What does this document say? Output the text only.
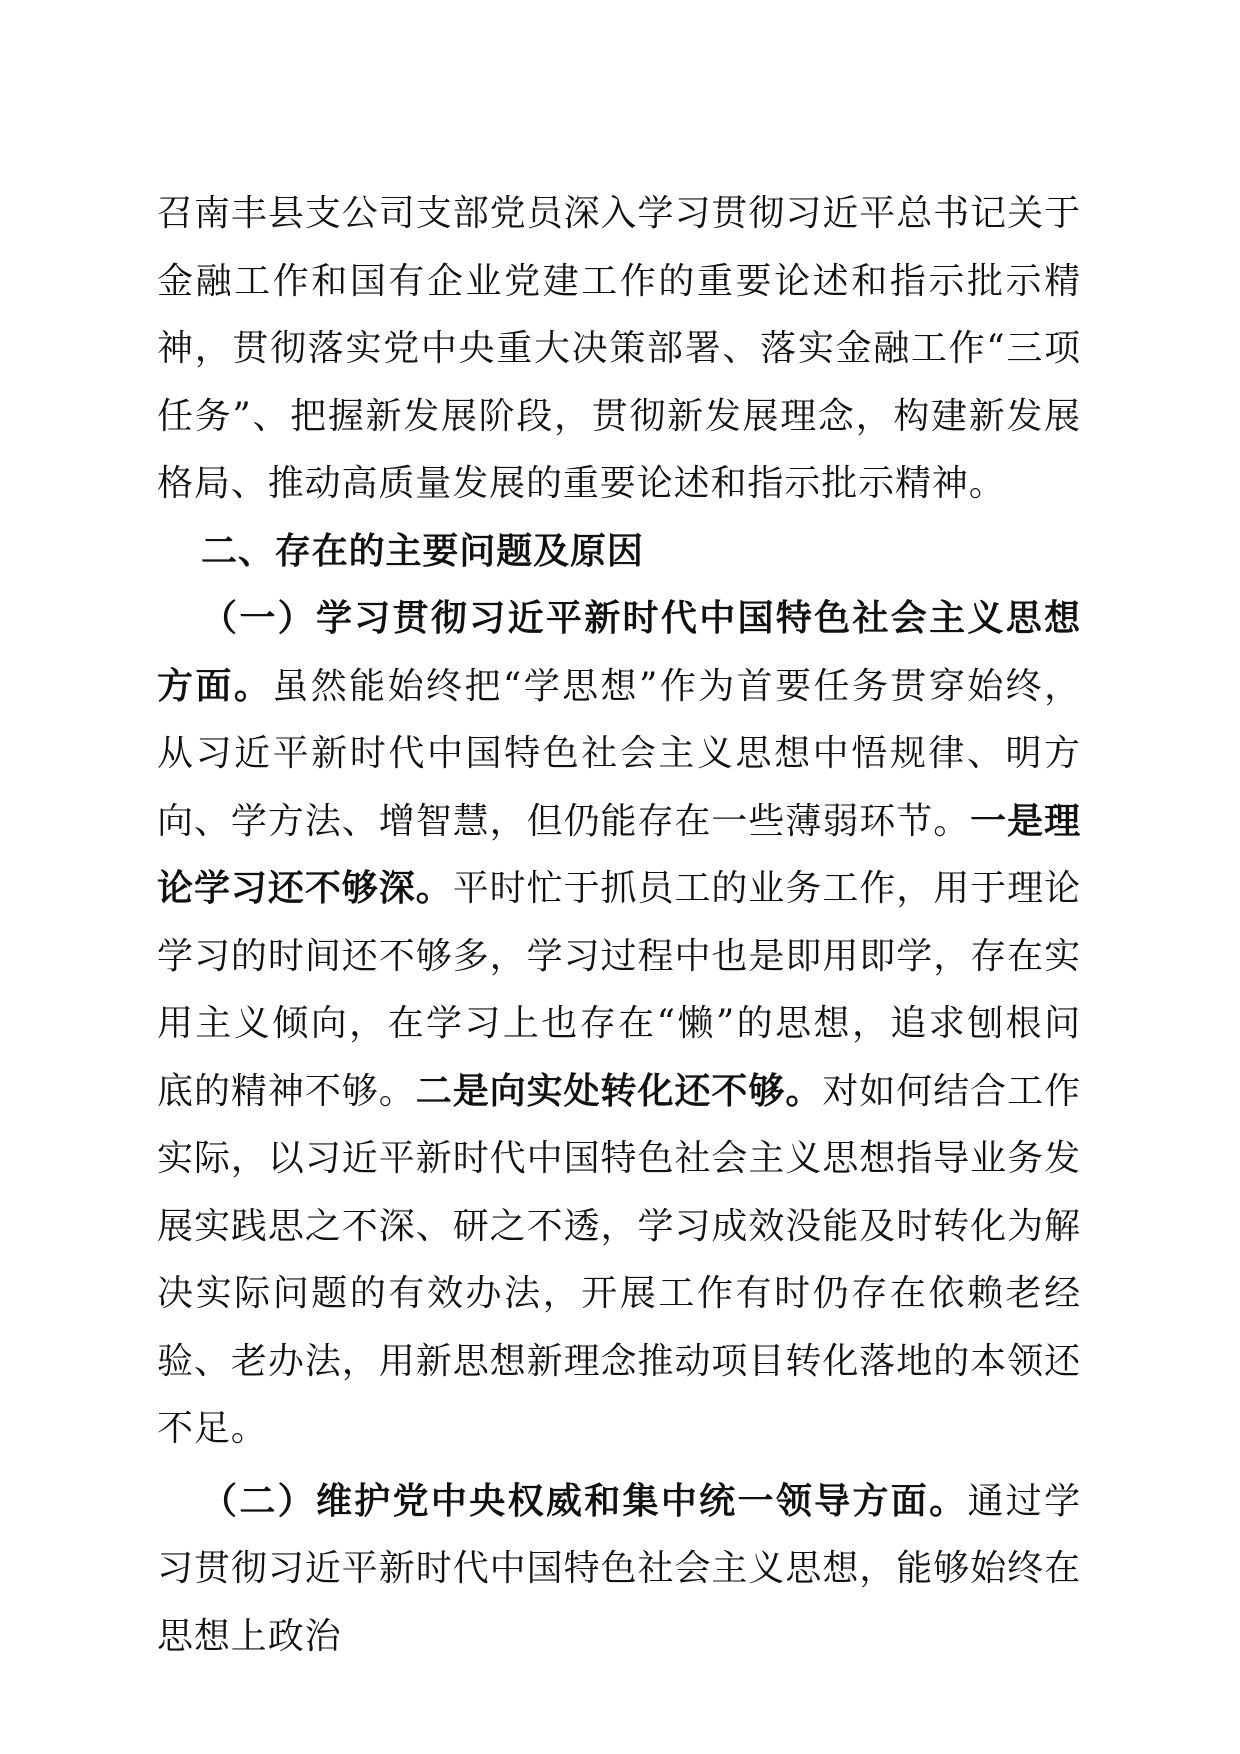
召南丰县支公司支部党员深入学习贯彻习近平总书记关于金融工作和国有企业党建工作的重要论述和指示批示精神，贯彻落实党中央重大决策部署、落实金融工作“三项任务”、把握新发展阶段，贯彻新发展理念，构建新发展格局、推动高质量发展的重要论述和指示批示精神。

二、存在的主要问题及原因

（一）学习贯彻习近平新时代中国特色社会主义思想方面。虽然能始终把“学思想”作为首要任务贯穿始终，从习近平新时代中国特色社会主义思想中悟规律、明方向、学方法、增智慧，但仍能存在一些薄弱环节。一是理论学习还不够深。平时忙于抓员工的业务工作，用于理论学习的时间还不够多，学习过程中也是即用即学，存在实用主义倾向，在学习上也存在“懒”的思想，追求刨根问底的精神不够。二是向实处转化还不够。对如何结合工作实际，以习近平新时代中国特色社会主义思想指导业务发展实践思之不深、研之不透，学习成效没能及时转化为解决实际问题的有效办法，开展工作有时仍存在依赖老经验、老办法，用新思想新理念推动项目转化落地的本领还不足。

（二）维护党中央权威和集中统一领导方面。通过学习贯彻习近平新时代中国特色社会主义思想，能够始终在思想上政治
